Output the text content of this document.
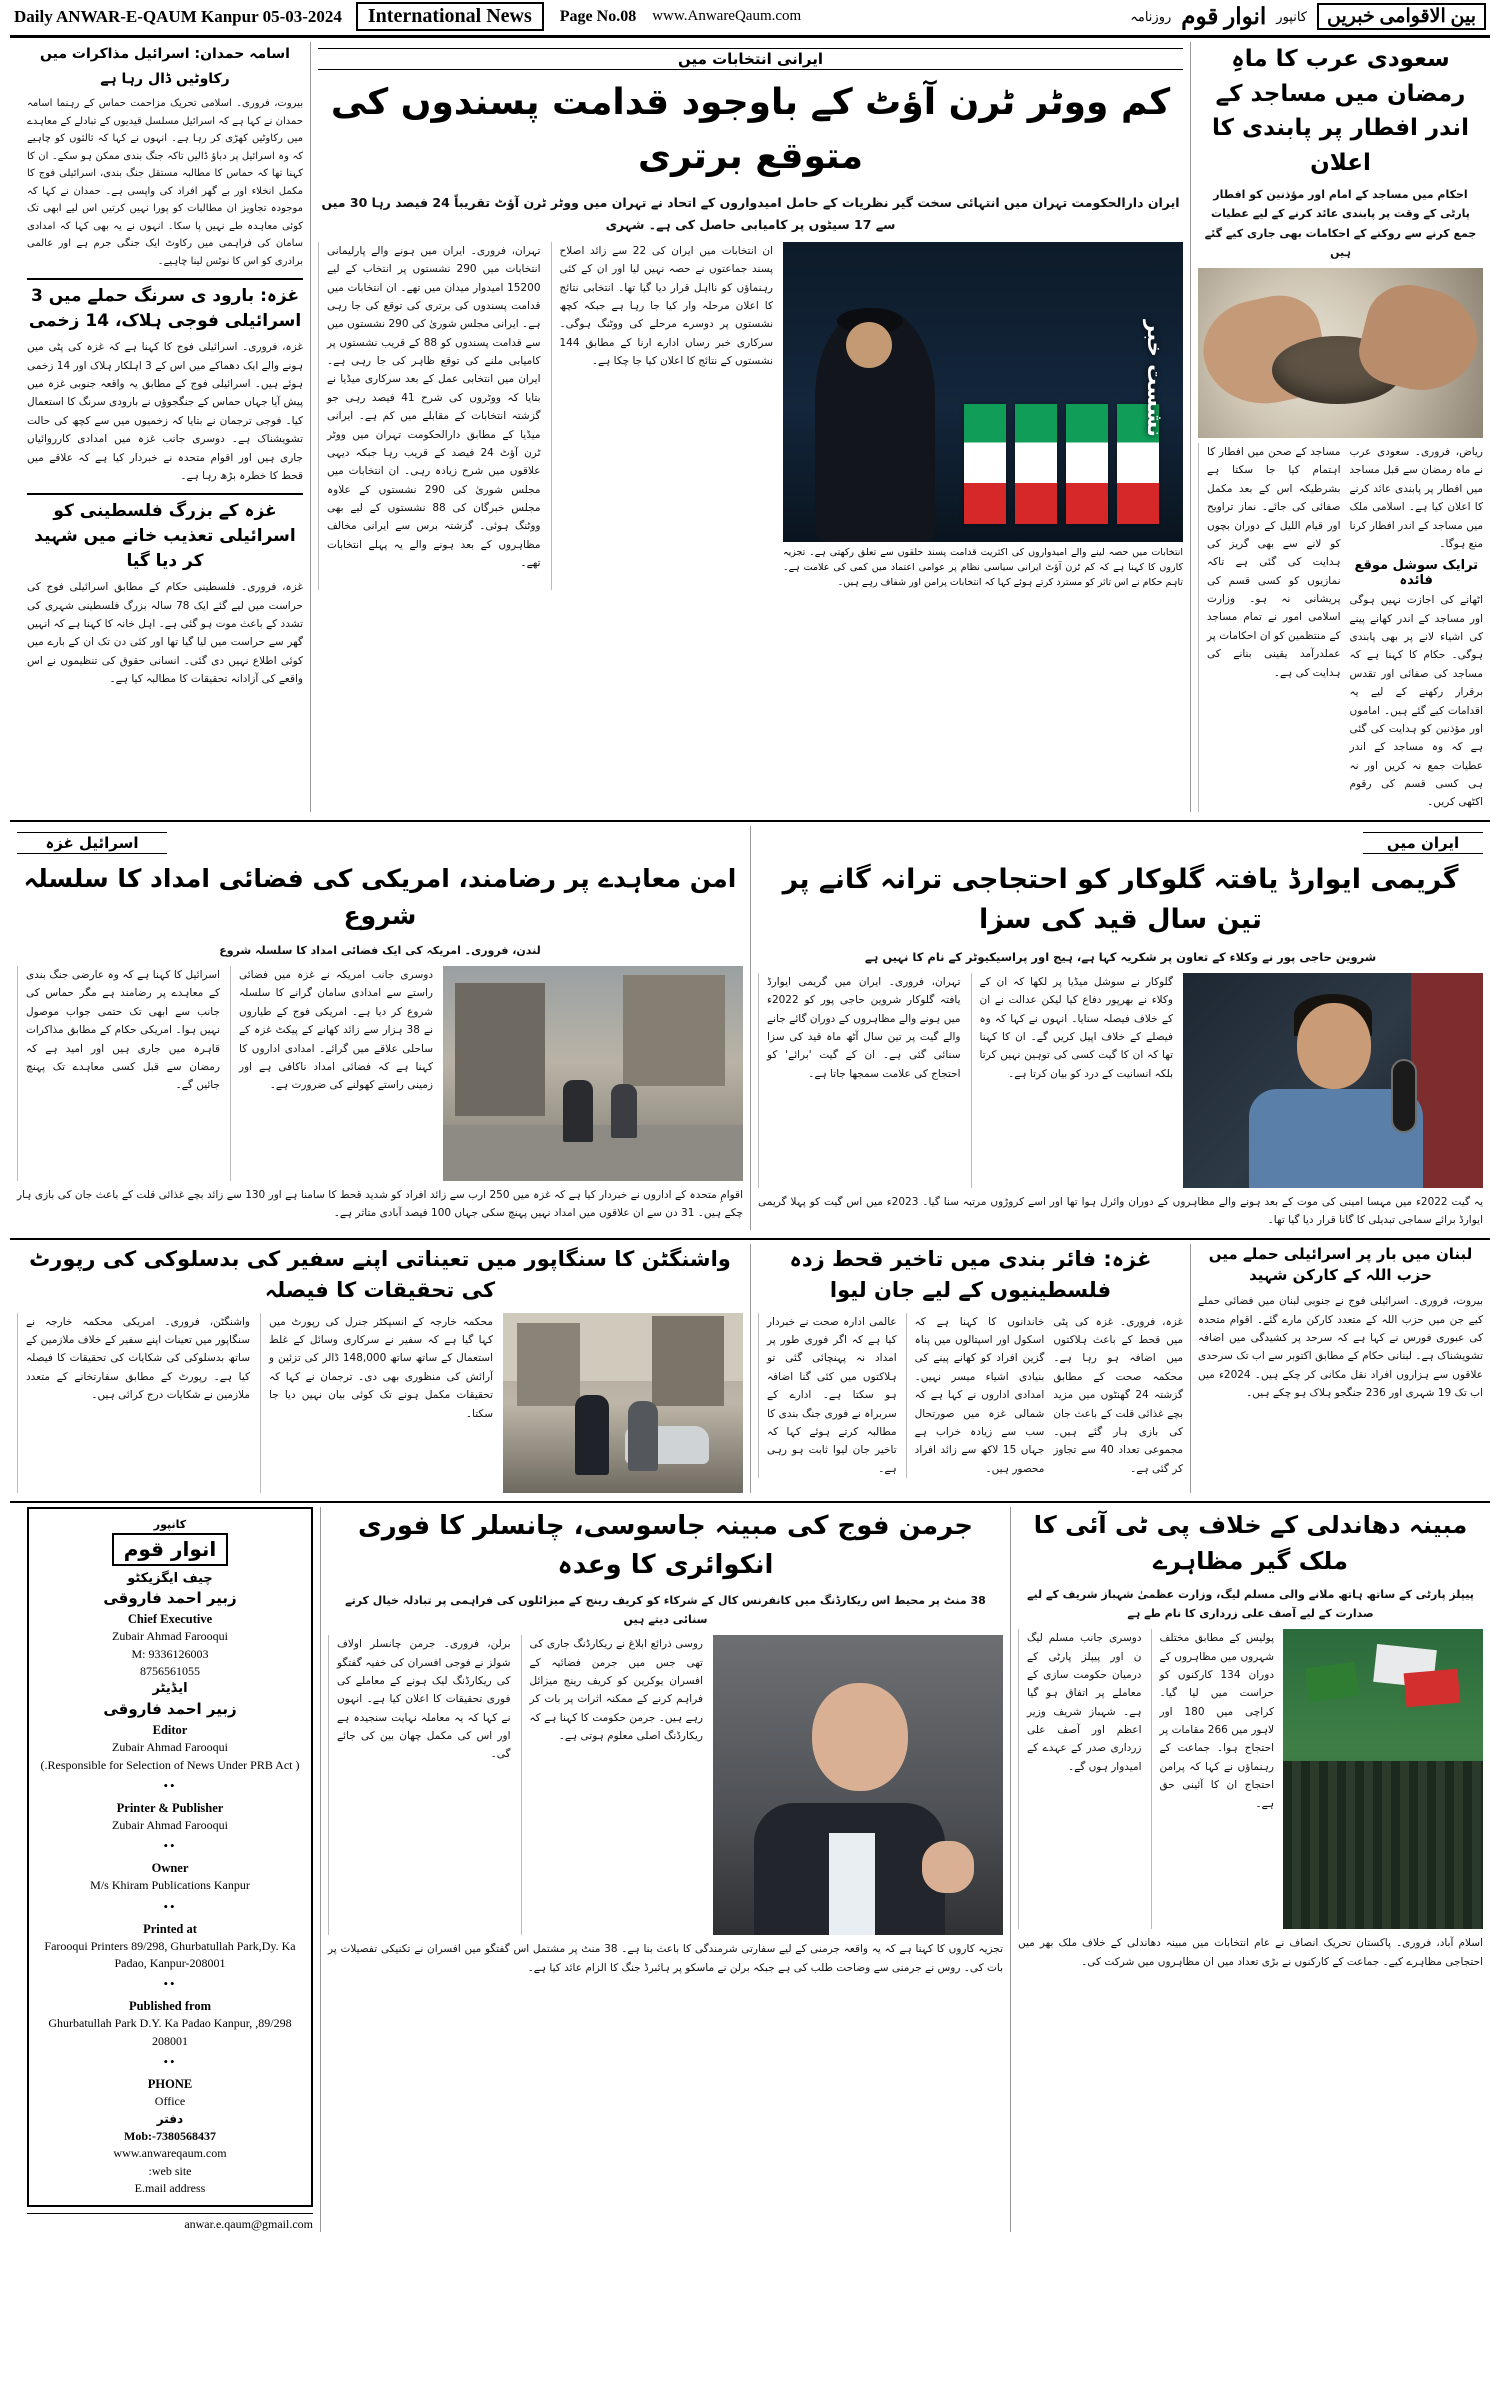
Daily ANWAR-E-QAUM Kanpur 05-03-2024	International News	Page No.08 www.AnwareQaum.com	بین الاقوامی خبریں
کانپور
انوار قوم
روزنامہ
سعودی عرب کا ماہِ رمضان میں مساجد کے اندر افطار پر پابندی کا اعلان
احکام میں مساجد کے امام اور مؤذنین کو افطار پارٹی کے وقت پر پابندی عائد کرنے کے لیے عطیات جمع کرنے سے روکنے کے احکامات بھی جاری کیے گئے ہیں
ریاض، فروری۔ سعودی عرب نے ماہ رمضان سے قبل مساجد میں افطار پر پابندی عائد کرنے کا اعلان کیا ہے۔ اسلامی ملک میں مساجد کے اندر افطار کرنا منع ہوگا۔
ترایک سوشل موقع فائدہ
اٹھانے کی اجازت نہیں ہوگی اور مساجد کے اندر کھانے پینے کی اشیاء لانے پر بھی پابندی ہوگی۔ حکام کا کہنا ہے کہ مساجد کی صفائی اور تقدس برقرار رکھنے کے لیے یہ اقدامات کیے گئے ہیں۔ اماموں اور مؤذنین کو ہدایت کی گئی ہے کہ وہ مساجد کے اندر عطیات جمع نہ کریں اور نہ ہی کسی قسم کی رقوم اکٹھی کریں۔
مساجد کے صحن میں افطار کا اہتمام کیا جا سکتا ہے بشرطیکہ اس کے بعد مکمل صفائی کی جائے۔ نماز تراویح اور قیام اللیل کے دوران بچوں کو لانے سے بھی گریز کی ہدایت کی گئی ہے تاکہ نمازیوں کو کسی قسم کی پریشانی نہ ہو۔ وزارت اسلامی امور نے تمام مساجد کے منتظمین کو ان احکامات پر عملدرآمد یقینی بنانے کی ہدایت کی ہے۔
ایرانی انتخابات میں
کم ووٹر ٹرن آؤٹ کے باوجود قدامت پسندوں کی متوقع برتری
ایران دارالحکومت تہران میں انتہائی سخت گیر نظریات کے حامل امیدواروں کے اتحاد نے تہران میں ووٹر ٹرن آؤٹ تقریباً 24 فیصد رہا 30 میں سے 17 سیٹوں پر کامیابی حاصل کی ہے۔ شہری
نشست خبر
انتخابات میں حصہ لینے والے امیدواروں کی اکثریت قدامت پسند حلقوں سے تعلق رکھتی ہے۔ تجزیہ کاروں کا کہنا ہے کہ کم ٹرن آؤٹ ایرانی سیاسی نظام پر عوامی اعتماد میں کمی کی علامت ہے۔ تاہم حکام نے اس تاثر کو مسترد کرتے ہوئے کہا کہ انتخابات پرامن اور شفاف رہے ہیں۔
ان انتخابات میں ایران کی 22 سے زائد اصلاح پسند جماعتوں نے حصہ نہیں لیا اور ان کے کئی رہنماؤں کو نااہل قرار دیا گیا تھا۔ انتخابی نتائج کا اعلان مرحلہ وار کیا جا رہا ہے جبکہ کچھ نشستوں پر دوسرے مرحلے کی ووٹنگ ہوگی۔ سرکاری خبر رساں ادارے ارنا کے مطابق 144 نشستوں کے نتائج کا اعلان کیا جا چکا ہے۔
تہران، فروری۔ ایران میں ہونے والے پارلیمانی انتخابات میں 290 نشستوں پر انتخاب کے لیے 15200 امیدوار میدان میں تھے۔ ان انتخابات میں قدامت پسندوں کی برتری کی توقع کی جا رہی ہے۔ ایرانی مجلس شوریٰ کی 290 نشستوں میں سے قدامت پسندوں کو 88 کے قریب نشستوں پر کامیابی ملنے کی توقع ظاہر کی جا رہی ہے۔ ایران میں انتخابی عمل کے بعد سرکاری میڈیا نے بتایا کہ ووٹروں کی شرح 41 فیصد رہی جو گزشتہ انتخابات کے مقابلے میں کم ہے۔ ایرانی میڈیا کے مطابق دارالحکومت تہران میں ووٹر ٹرن آؤٹ 24 فیصد کے قریب رہا جبکہ دیہی علاقوں میں شرح زیادہ رہی۔ ان انتخابات میں مجلس شوریٰ کی 290 نشستوں کے علاوہ مجلس خبرگان کی 88 نشستوں کے لیے بھی ووٹنگ ہوئی۔ گزشتہ برس سے ایرانی مخالف مظاہروں کے بعد ہونے والے یہ پہلے انتخابات تھے۔
اسامہ حمدان: اسرائیل مذاکرات میں رکاوٹیں ڈال رہا ہے
بیروت، فروری۔ اسلامی تحریک مزاحمت حماس کے رہنما اسامہ حمدان نے کہا ہے کہ اسرائیل مسلسل قیدیوں کے تبادلے کے معاہدے میں رکاوٹیں کھڑی کر رہا ہے۔ انہوں نے کہا کہ ثالثوں کو چاہیے کہ وہ اسرائیل پر دباؤ ڈالیں تاکہ جنگ بندی ممکن ہو سکے۔ ان کا کہنا تھا کہ حماس کا مطالبہ مستقل جنگ بندی، اسرائیلی فوج کا مکمل انخلاء اور بے گھر افراد کی واپسی ہے۔ حمدان نے کہا کہ موجودہ تجاویز ان مطالبات کو پورا نہیں کرتیں اس لیے ابھی تک کوئی معاہدہ طے نہیں پا سکا۔ انہوں نے یہ بھی کہا کہ امدادی سامان کی فراہمی میں رکاوٹ ایک جنگی جرم ہے اور عالمی برادری کو اس کا نوٹس لینا چاہیے۔
غزہ: بارود ی سرنگ حملے میں 3 اسرائیلی فوجی ہلاک، 14 زخمی
غزہ، فروری۔ اسرائیلی فوج کا کہنا ہے کہ غزہ کی پٹی میں ہونے والے ایک دھماکے میں اس کے 3 اہلکار ہلاک اور 14 زخمی ہوئے ہیں۔ اسرائیلی فوج کے مطابق یہ واقعہ جنوبی غزہ میں پیش آیا جہاں حماس کے جنگجوؤں نے بارودی سرنگ کا استعمال کیا۔ فوجی ترجمان نے بتایا کہ زخمیوں میں سے کچھ کی حالت تشویشناک ہے۔ دوسری جانب غزہ میں امدادی کارروائیاں جاری ہیں اور اقوام متحدہ نے خبردار کیا ہے کہ علاقے میں قحط کا خطرہ بڑھ رہا ہے۔
غزہ کے بزرگ فلسطینی کو اسرائیلی تعذیب خانے میں شہید کر دیا گیا
غزہ، فروری۔ فلسطینی حکام کے مطابق اسرائیلی فوج کی حراست میں لیے گئے ایک 78 سالہ بزرگ فلسطینی شہری کی تشدد کے باعث موت ہو گئی ہے۔ اہل خانہ کا کہنا ہے کہ انہیں گھر سے حراست میں لیا گیا تھا اور کئی دن تک ان کے بارے میں کوئی اطلاع نہیں دی گئی۔ انسانی حقوق کی تنظیموں نے اس واقعے کی آزادانہ تحقیقات کا مطالبہ کیا ہے۔
ایران میں
گریمی ایوارڈ یافتہ گلوکار کو احتجاجی ترانہ گانے پر تین سال قید کی سزا
شروین حاجی پور نے وکلاء کے تعاون پر شکریہ کہا ہے، ہیج اور پراسیکیوٹر کے نام کا نہیں ہے
گلوکار نے سوشل میڈیا پر لکھا کہ ان کے وکلاء نے بھرپور دفاع کیا لیکن عدالت نے ان کے خلاف فیصلہ سنایا۔ انہوں نے کہا کہ وہ فیصلے کے خلاف اپیل کریں گے۔ ان کا کہنا تھا کہ ان کا گیت کسی کی توہین نہیں کرتا بلکہ انسانیت کے درد کو بیان کرتا ہے۔
تہران، فروری۔ ایران میں گریمی ایوارڈ یافتہ گلوکار شروین حاجی پور کو 2022ء میں ہونے والے مظاہروں کے دوران گائے جانے والے گیت پر تین سال آٹھ ماہ قید کی سزا سنائی گئی ہے۔ ان کے گیت 'برائے' کو احتجاج کی علامت سمجھا جاتا ہے۔
یہ گیت 2022ء میں مہسا امینی کی موت کے بعد ہونے والے مظاہروں کے دوران وائرل ہوا تھا اور اسے کروڑوں مرتبہ سنا گیا۔ 2023ء میں اس گیت کو پہلا گریمی ایوارڈ برائے سماجی تبدیلی کا گانا قرار دیا گیا تھا۔
اسرائیل غزہ
امن معاہدے پر رضامند، امریکی کی فضائی امداد کا سلسلہ شروع
لندن، فروری۔ امریکہ کی ایک فضائی امداد کا سلسلہ شروع
دوسری جانب امریکہ نے غزہ میں فضائی راستے سے امدادی سامان گرانے کا سلسلہ شروع کر دیا ہے۔ امریکی فوج کے طیاروں نے 38 ہزار سے زائد کھانے کے پیکٹ غزہ کے ساحلی علاقے میں گرائے۔ امدادی اداروں کا کہنا ہے کہ فضائی امداد ناکافی ہے اور زمینی راستے کھولنے کی ضرورت ہے۔
اسرائیل کا کہنا ہے کہ وہ عارضی جنگ بندی کے معاہدے پر رضامند ہے مگر حماس کی جانب سے ابھی تک حتمی جواب موصول نہیں ہوا۔ امریکی حکام کے مطابق مذاکرات قاہرہ میں جاری ہیں اور امید ہے کہ رمضان سے قبل کسی معاہدے تک پہنچ جائیں گے۔
اقوامِ متحدہ کے اداروں نے خبردار کیا ہے کہ غزہ میں 250 ارب سے زائد افراد کو شدید قحط کا سامنا ہے اور 130 سے زائد بچے غذائی قلت کے باعث جان کی بازی ہار چکے ہیں۔ 31 دن سے ان علاقوں میں امداد نہیں پہنچ سکی جہاں 100 فیصد آبادی متاثر ہے۔
لبنان میں بار پر اسرائیلی حملے میں حزب اللہ کے کارکن شہید
بیروت، فروری۔ اسرائیلی فوج نے جنوبی لبنان میں فضائی حملے کیے جن میں حزب اللہ کے متعدد کارکن مارے گئے۔ اقوام متحدہ کی عبوری فورس نے کہا ہے کہ سرحد پر کشیدگی میں اضافہ تشویشناک ہے۔ لبنانی حکام کے مطابق اکتوبر سے اب تک سرحدی علاقوں سے ہزاروں افراد نقل مکانی کر چکے ہیں۔ 2024ء میں اب تک 19 شہری اور 236 جنگجو ہلاک ہو چکے ہیں۔
غزہ: فائر بندی میں تاخیر قحط زدہ فلسطینیوں کے لیے جان لیوا
غزہ، فروری۔ غزہ کی پٹی میں قحط کے باعث ہلاکتوں میں اضافہ ہو رہا ہے۔ محکمہ صحت کے مطابق گزشتہ 24 گھنٹوں میں مزید بچے غذائی قلت کے باعث جان کی بازی ہار گئے ہیں۔ مجموعی تعداد 40 سے تجاوز کر گئی ہے۔
خاندانوں کا کہنا ہے کہ اسکول اور اسپتالوں میں پناہ گزین افراد کو کھانے پینے کی بنیادی اشیاء میسر نہیں۔ امدادی اداروں نے کہا ہے کہ شمالی غزہ میں صورتحال سب سے زیادہ خراب ہے جہاں 15 لاکھ سے زائد افراد محصور ہیں۔
عالمی ادارہ صحت نے خبردار کیا ہے کہ اگر فوری طور پر امداد نہ پہنچائی گئی تو ہلاکتوں میں کئی گنا اضافہ ہو سکتا ہے۔ ادارے کے سربراہ نے فوری جنگ بندی کا مطالبہ کرتے ہوئے کہا کہ تاخیر جان لیوا ثابت ہو رہی ہے۔
واشنگٹن کا سنگاپور میں تعیناتی اپنے سفیر کی بدسلوکی کی رپورٹ کی تحقیقات کا فیصلہ
محکمہ خارجہ کے انسپکٹر جنرل کی رپورٹ میں کہا گیا ہے کہ سفیر نے سرکاری وسائل کے غلط استعمال کے ساتھ ساتھ 148,000 ڈالر کی تزئین و آرائش کی منظوری بھی دی۔ ترجمان نے کہا کہ تحقیقات مکمل ہونے تک کوئی بیان نہیں دیا جا سکتا۔
واشنگٹن، فروری۔ امریکی محکمہ خارجہ نے سنگاپور میں تعینات اپنے سفیر کے خلاف ملازمین کے ساتھ بدسلوکی کی شکایات کی تحقیقات کا فیصلہ کیا ہے۔ رپورٹ کے مطابق سفارتخانے کے متعدد ملازمین نے شکایات درج کرائی ہیں۔
مبینہ دھاندلی کے خلاف پی ٹی آئی کا ملک گیر مظاہرے
پیپلز پارٹی کے ساتھ ہاتھ ملانے والی مسلم لیگ، وزارت عظمیٰ شہباز شریف کے لیے صدارت کے لیے آصف علی زرداری کا نام طے ہے
پولیس کے مطابق مختلف شہروں میں مظاہروں کے دوران 134 کارکنوں کو حراست میں لیا گیا۔ کراچی میں 180 اور لاہور میں 266 مقامات پر احتجاج ہوا۔ جماعت کے رہنماؤں نے کہا کہ پرامن احتجاج ان کا آئینی حق ہے۔
دوسری جانب مسلم لیگ ن اور پیپلز پارٹی کے درمیان حکومت سازی کے معاملے پر اتفاق ہو گیا ہے۔ شہباز شریف وزیر اعظم اور آصف علی زرداری صدر کے عہدے کے امیدوار ہوں گے۔
اسلام آباد، فروری۔ پاکستان تحریک انصاف نے عام انتخابات میں مبینہ دھاندلی کے خلاف ملک بھر میں احتجاجی مظاہرے کیے۔ جماعت کے کارکنوں نے بڑی تعداد میں ان مظاہروں میں شرکت کی۔
جرمن فوج کی مبینہ جاسوسی، چانسلر کا فوری انکوائری کا وعدہ
38 منٹ پر محیط اس ریکارڈنگ میں کانفرنس کال کے شرکاء کو کریف رینج کے میزائلوں کی فراہمی پر تبادلہ خیال کرتے سنائی دیتے ہیں
روسی ذرائع ابلاغ نے ریکارڈنگ جاری کی تھی جس میں جرمن فضائیہ کے افسران یوکرین کو کریف رینج میزائل فراہم کرنے کے ممکنہ اثرات پر بات کر رہے ہیں۔ جرمن حکومت کا کہنا ہے کہ ریکارڈنگ اصلی معلوم ہوتی ہے۔
برلن، فروری۔ جرمن چانسلر اولاف شولز نے فوجی افسران کی خفیہ گفتگو کی ریکارڈنگ لیک ہونے کے معاملے کی فوری تحقیقات کا اعلان کیا ہے۔ انہوں نے کہا کہ یہ معاملہ نہایت سنجیدہ ہے اور اس کی مکمل چھان بین کی جائے گی۔
تجزیہ کاروں کا کہنا ہے کہ یہ واقعہ جرمنی کے لیے سفارتی شرمندگی کا باعث بنا ہے۔ 38 منٹ پر مشتمل اس گفتگو میں افسران نے تکنیکی تفصیلات پر بات کی۔ روس نے جرمنی سے وضاحت طلب کی ہے جبکہ برلن نے ماسکو پر ہائبرڈ جنگ کا الزام عائد کیا ہے۔
کانپور
انوار قوم
چیف ایگزیکٹو
زبیر احمد فاروقی
Chief Executive
Zubair Ahmad Farooqui
M: 9336126003
8756561055
ایڈیٹر
زبیر احمد فاروقی
Editor
Zubair Ahmad Farooqui
( Responsible for Selection of News Under PRB Act.)
••
Printer & Publisher
Zubair Ahmad Farooqui
••
Owner
M/s Khiram Publications Kanpur
••
Printed at
Farooqui Printers 89/298, Ghurbatullah Park,Dy. Ka Padao, Kanpur-208001
••
Published from
89/298, Ghurbatullah Park D.Y. Ka Padao Kanpur, 208001
••
PHONE
Office
دفتر
Mob:-7380568437
www.anwareqaum.com
web site:
E.mail address
anwar.e.qaum@gmail.com
